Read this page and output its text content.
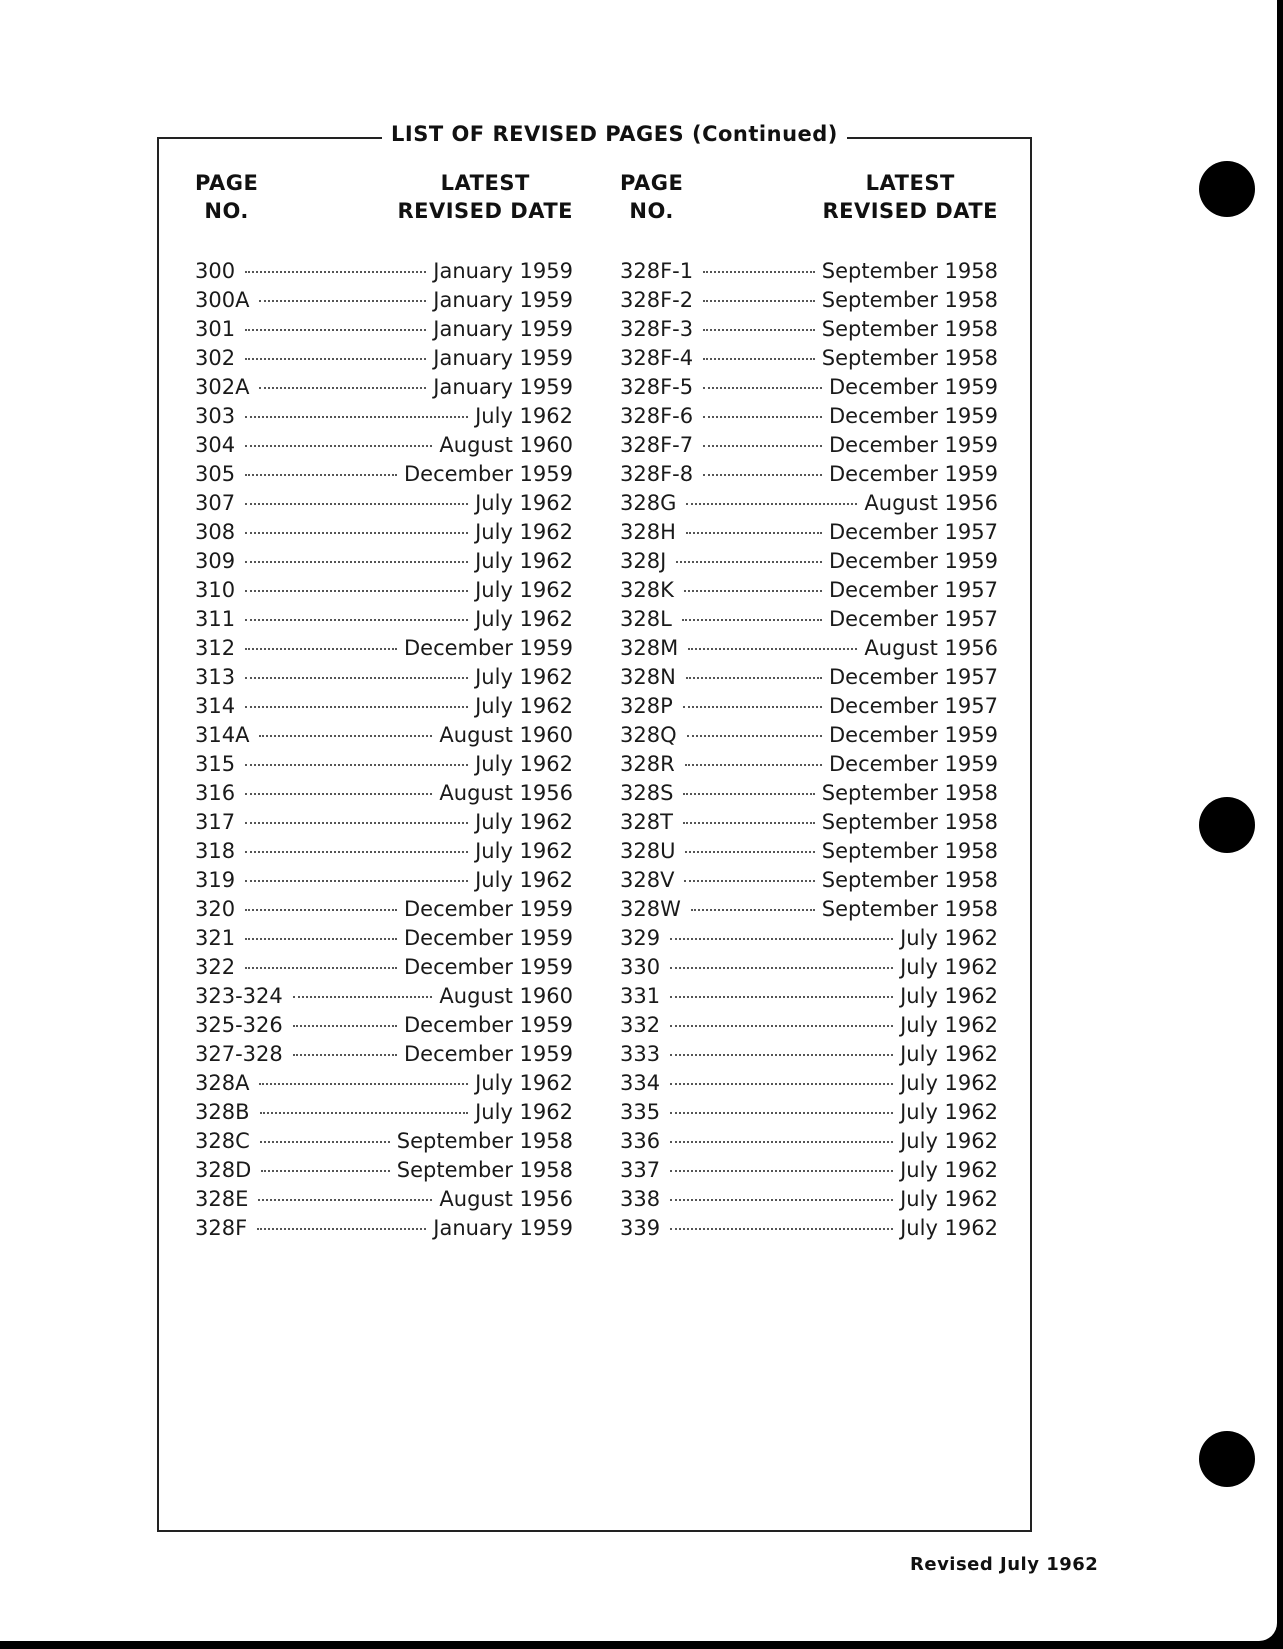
LIST OF REVISED PAGES (Continued)
PAGE
NO.
LATEST
REVISED DATE
300	January 1959
300A	January 1959
301	January 1959
302	January 1959
302A	January 1959
303	July 1962
304	August 1960
305	December 1959
307	July 1962
308	July 1962
309	July 1962
310	July 1962
311	July 1962
312	December 1959
313	July 1962
314	July 1962
314A	August 1960
315	July 1962
316	August 1956
317	July 1962
318	July 1962
319	July 1962
320	December 1959
321	December 1959
322	December 1959
323-324	August 1960
325-326	December 1959
327-328	December 1959
328A	July 1962
328B	July 1962
328C	September 1958
328D	September 1958
328E	August 1956
328F	January 1959
PAGE
NO.
LATEST
REVISED DATE
328F-1	September 1958
328F-2	September 1958
328F-3	September 1958
328F-4	September 1958
328F-5	December 1959
328F-6	December 1959
328F-7	December 1959
328F-8	December 1959
328G	August 1956
328H	December 1957
328J	December 1959
328K	December 1957
328L	December 1957
328M	August 1956
328N	December 1957
328P	December 1957
328Q	December 1959
328R	December 1959
328S	September 1958
328T	September 1958
328U	September 1958
328V	September 1958
328W	September 1958
329	July 1962
330	July 1962
331	July 1962
332	July 1962
333	July 1962
334	July 1962
335	July 1962
336	July 1962
337	July 1962
338	July 1962
339	July 1962
Revised July 1962
